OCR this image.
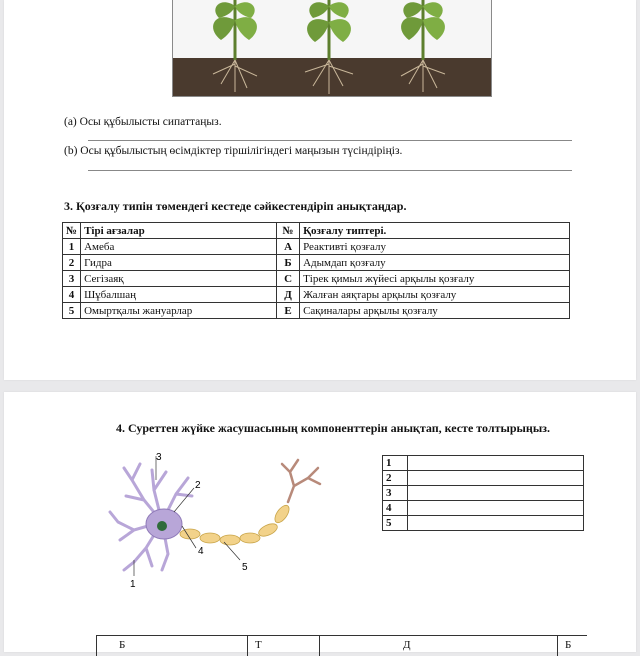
(a) Осы құбылысты сипаттаңыз.
(b) Осы құбылыстың өсімдіктер тіршілігіндегі маңызын түсіндіріңіз.
3. Қозғалу типін төмендегі кестеде сәйкестендіріп анықтаңдар.
№	Тірі ағзалар	№	Қозғалу типтері.
1	Амеба	А	Реактивті қозғалу
2	Гидра	Б	Адымдап қозғалу
3	Сегізаяқ	С	Тірек қимыл жүйесі арқылы қозғалу
4	Шұбалшаң	Д	Жалған аяқтары арқылы қозғалу
5	Омыртқалы жануарлар	Е	Сақиналары арқылы қозғалу
4. Суреттен жүйке жасушасының компоненттерін анықтап, кесте толтырыңыз.
1
2
3
4
5
1	
2	
3	
4	
5	
Б	Т	Д	Б
